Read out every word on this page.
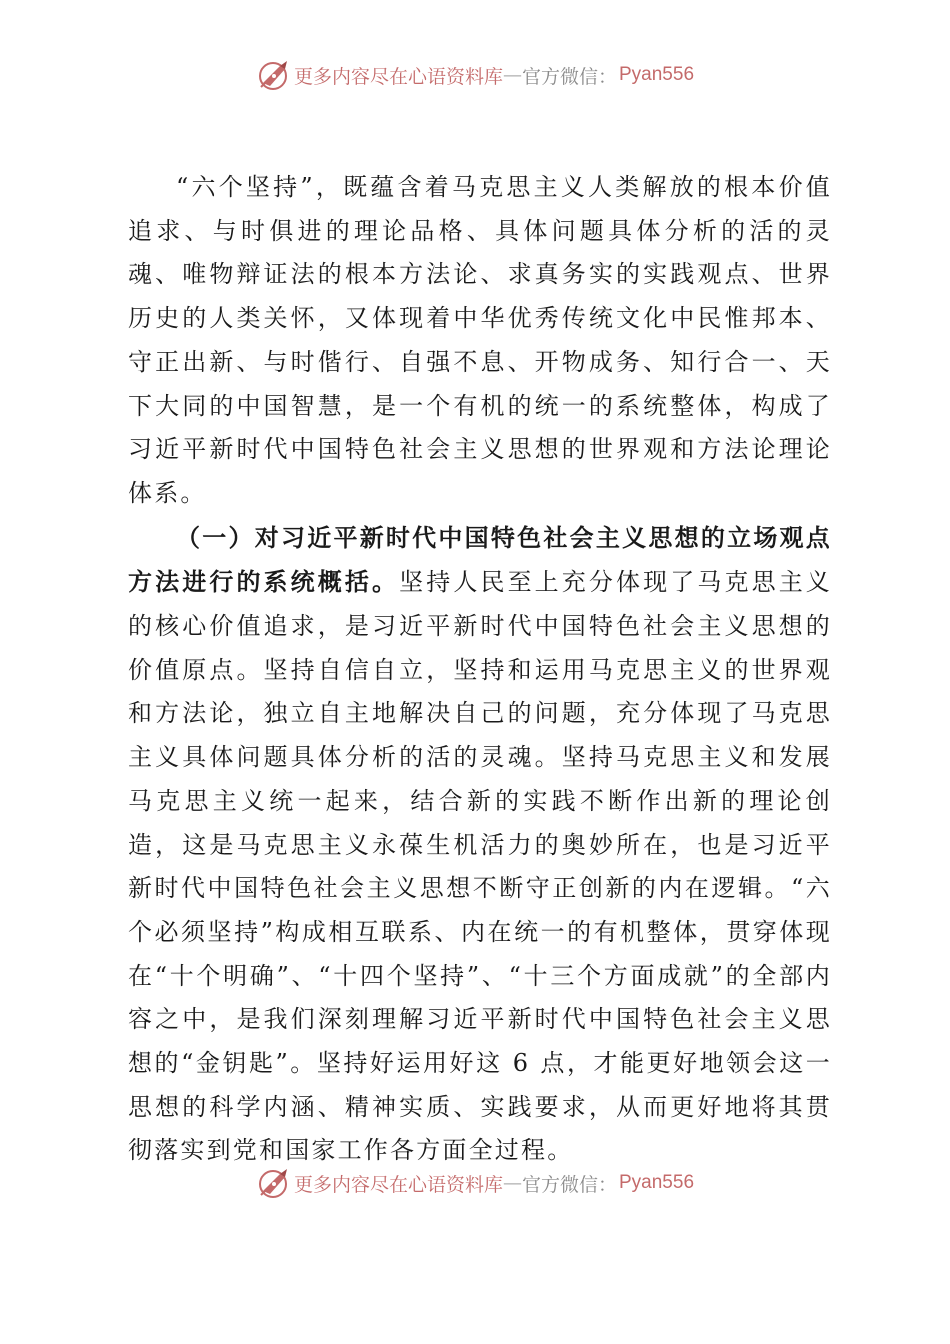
更多内容尽在心语资料库 — 官方微信： Pyan556

“六个坚持”，既蕴含着马克思主义人类解放的根本价值追求、与时俱进的理论品格、具体问题具体分析的活的灵魂、唯物辩证法的根本方法论、求真务实的实践观点、世界历史的人类关怀，又体现着中华优秀传统文化中民惟邦本、守正出新、与时偕行、自强不息、开物成务、知行合一、天下大同的中国智慧，是一个有机的统一的系统整体，构成了习近平新时代中国特色社会主义思想的世界观和方法论理论体系。

（一）对习近平新时代中国特色社会主义思想的立场观点方法进行的系统概括。坚持人民至上充分体现了马克思主义的核心价值追求，是习近平新时代中国特色社会主义思想的价值原点。坚持自信自立，坚持和运用马克思主义的世界观和方法论，独立自主地解决自己的问题，充分体现了马克思主义具体问题具体分析的活的灵魂。坚持马克思主义和发展马克思主义统一起来，结合新的实践不断作出新的理论创造，这是马克思主义永葆生机活力的奥妙所在，也是习近平新时代中国特色社会主义思想不断守正创新的内在逻辑。“六个必须坚持”构成相互联系、内在统一的有机整体，贯穿体现在“十个明确”、“十四个坚持”、“十三个方面成就”的全部内容之中，是我们深刻理解习近平新时代中国特色社会主义思想的“金钥匙”。坚持好运用好这 6 点，才能更好地领会这一思想的科学内涵、精神实质、实践要求，从而更好地将其贯彻落实到党和国家工作各方面全过程。

更多内容尽在心语资料库 — 官方微信： Pyan556
